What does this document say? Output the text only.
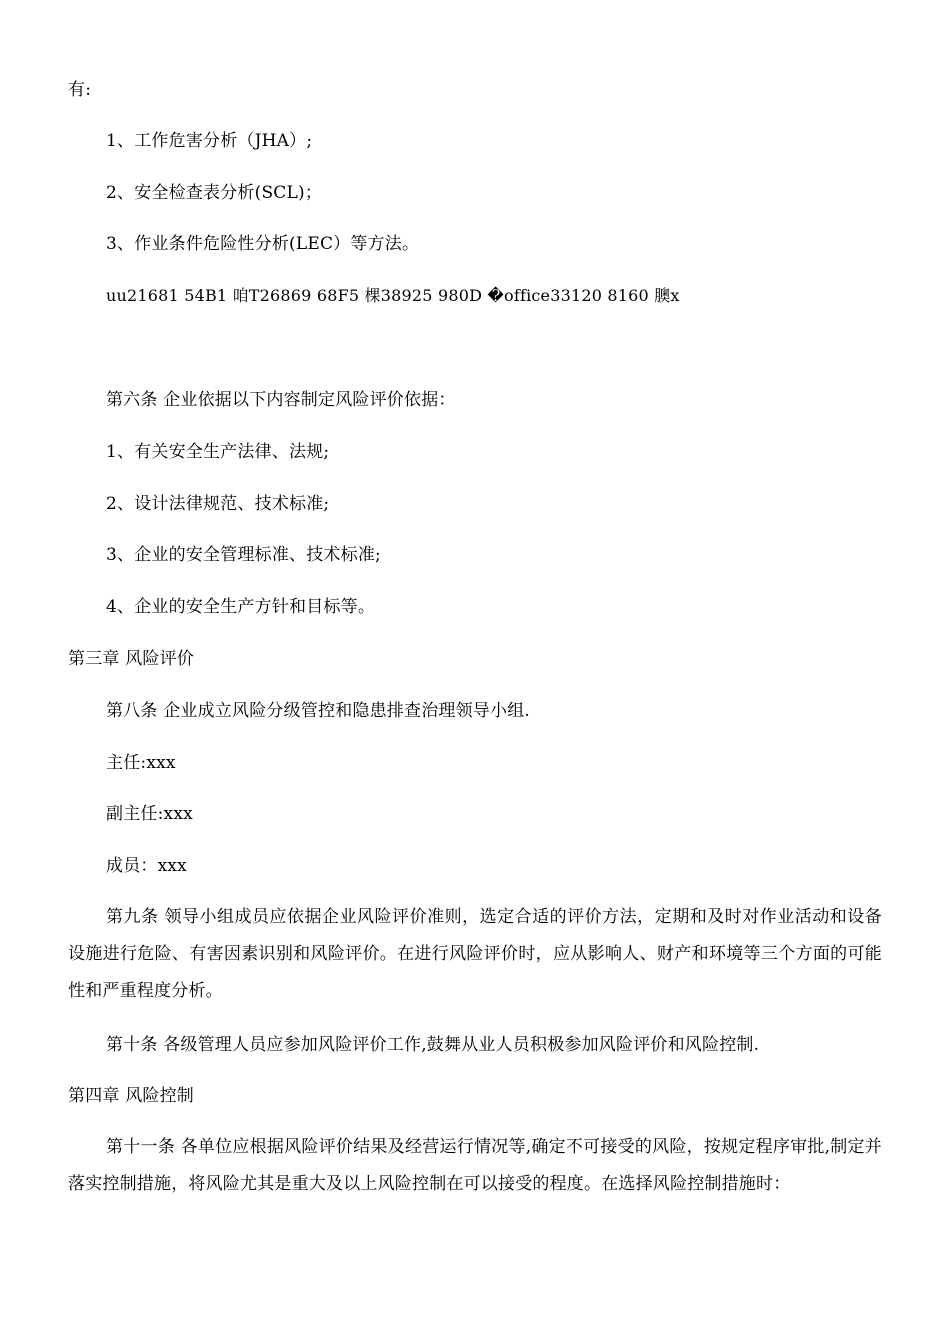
有:
1、工作危害分析（JHA）;
2、安全检查表分析(SCL)；
3、作业条件危险性分析(LEC）等方法。
uu21681 54B1 咱T26869 68F5 棵38925 980D �office33120 8160 䐿x
第六条 企业依据以下内容制定风险评价依据：
1、有关安全生产法律、法规;
2、设计法律规范、技术标准;
3、企业的安全管理标准、技术标准;
4、企业的安全生产方针和目标等。
第三章 风险评价
第八条 企业成立风险分级管控和隐患排查治理领导小组.
主任:xxx
副主任:xxx
成员：xxx
第九条 领导小组成员应依据企业风险评价准则，选定合适的评价方法，定期和及时对作业活动和设备设施进行危险、有害因素识别和风险评价。在进行风险评价时，应从影响人、财产和环境等三个方面的可能性和严重程度分析。
第十条 各级管理人员应参加风险评价工作,鼓舞从业人员积极参加风险评价和风险控制.
第四章 风险控制
第十一条 各单位应根据风险评价结果及经营运行情况等,确定不可接受的风险，按规定程序审批,制定并落实控制措施，将风险尤其是重大及以上风险控制在可以接受的程度。在选择风险控制措施时：
